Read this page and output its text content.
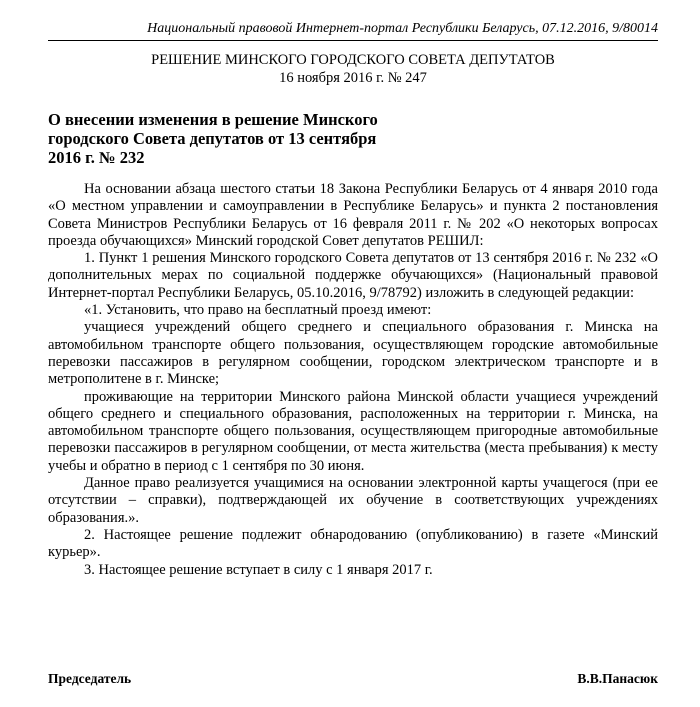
Национальный правовой Интернет-портал Республики Беларусь, 07.12.2016, 9/80014
РЕШЕНИЕ МИНСКОГО ГОРОДСКОГО СОВЕТА ДЕПУТАТОВ
16 ноября 2016 г. № 247
О внесении изменения в решение Минского
городского Совета депутатов от 13 сентября
2016 г. № 232

На основании абзаца шестого статьи 18 Закона Республики Беларусь от 4 января 2010 года «О местном управлении и самоуправлении в Республике Беларусь» и пункта 2 постановления Совета Министров Республики Беларусь от 16 февраля 2011 г. № 202 «О некоторых вопросах проезда обучающихся» Минский городской Совет депутатов РЕШИЛ:

1. Пункт 1 решения Минского городского Совета депутатов от 13 сентября 2016 г. № 232 «О дополнительных мерах по социальной поддержке обучающихся» (Национальный правовой Интернет-портал Республики Беларусь, 05.10.2016, 9/78792) изложить в следующей редакции:

«1. Установить, что право на бесплатный проезд имеют:

учащиеся учреждений общего среднего и специального образования г. Минска на автомобильном транспорте общего пользования, осуществляющем городские автомобильные перевозки пассажиров в регулярном сообщении, городском электрическом транспорте и в метрополитене в г. Минске;

проживающие на территории Минского района Минской области учащиеся учреждений общего среднего и специального образования, расположенных на территории г. Минска, на автомобильном транспорте общего пользования, осуществляющем пригородные автомобильные перевозки пассажиров в регулярном сообщении, от места жительства (места пребывания) к месту учебы и обратно в период с 1 сентября по 30 июня.

Данное право реализуется учащимися на основании электронной карты учащегося (при ее отсутствии – справки), подтверждающей их обучение в соответствующих учреждениях образования.».

2. Настоящее решение подлежит обнародованию (опубликованию) в газете «Минский курьер».

3. Настоящее решение вступает в силу с 1 января 2017 г.

Председатель	В.В.Панасюк
